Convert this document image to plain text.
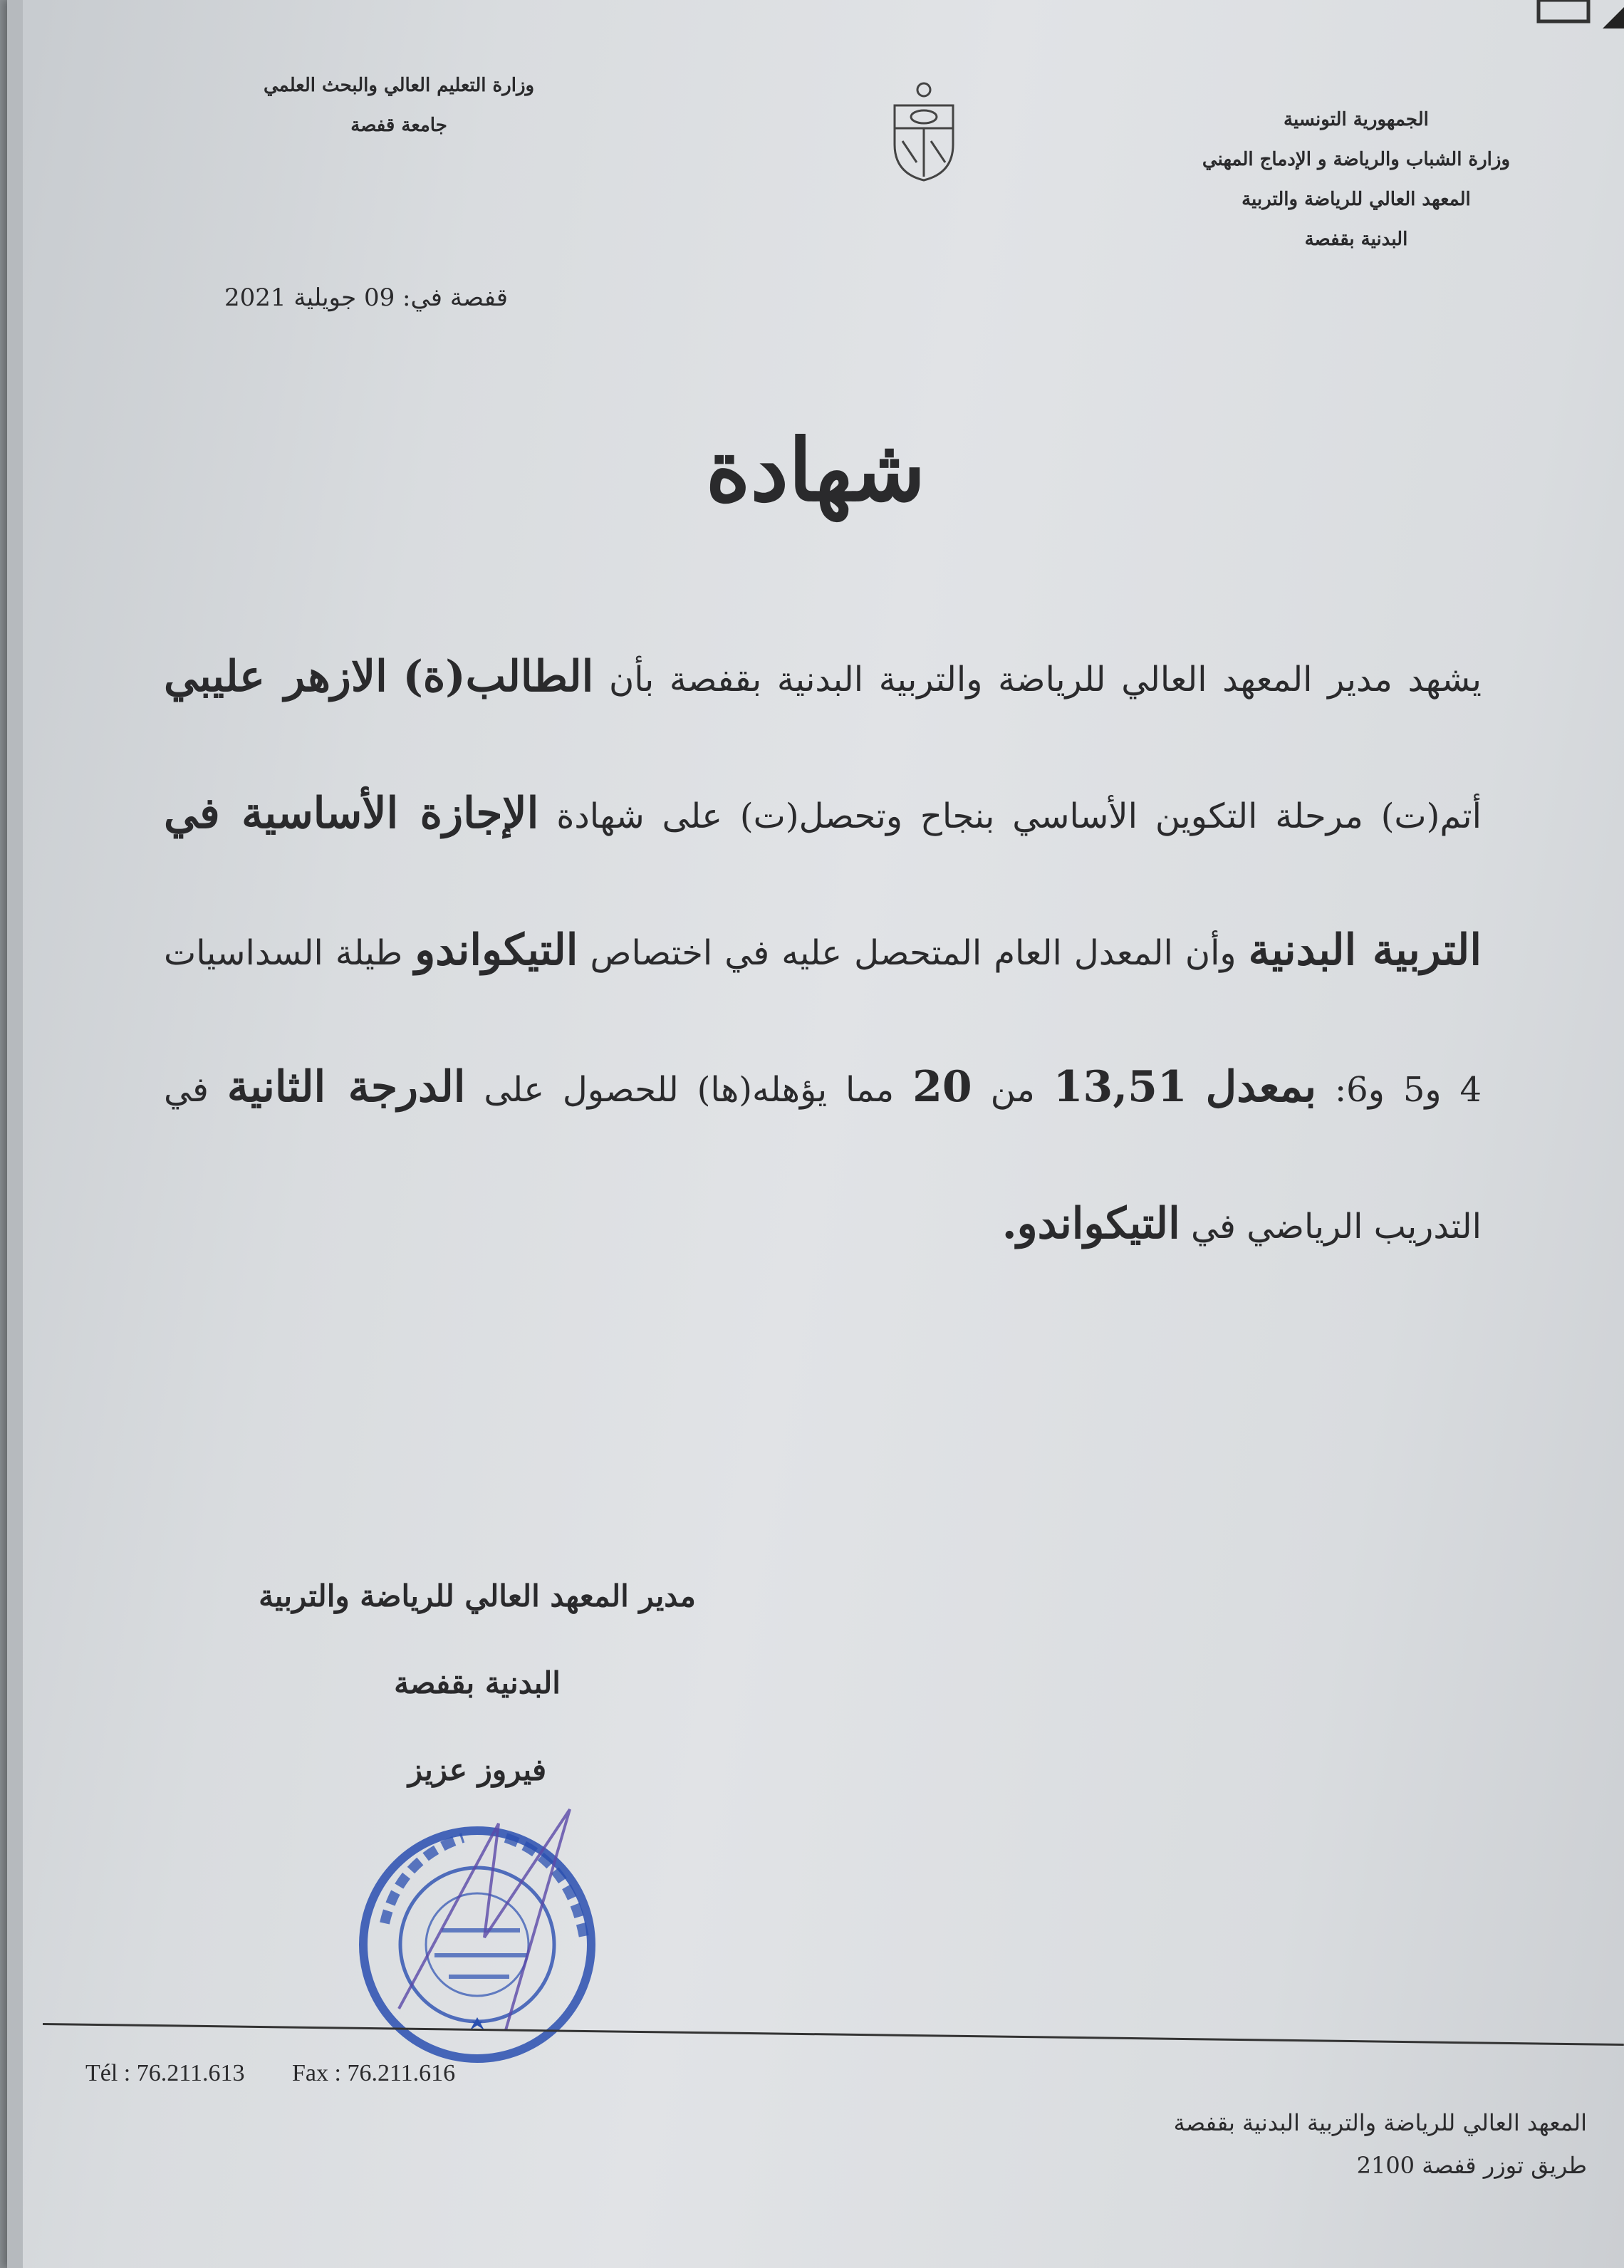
الجمهورية التونسية
وزارة الشباب والرياضة و الإدماج المهني
المعهد العالي للرياضة والتربية
البدنية بقفصة
وزارة التعليم العالي والبحث العلمي
جامعة قفصة
قفصة في: 09 جويلية 2021
شهادة
يشهد مدير المعهد العالي للرياضة والتربية البدنية بقفصة بأن الطالب(ة) الازهر عليبي أتم(ت) مرحلة التكوين الأساسي بنجاح وتحصل(ت) على شهادة الإجازة الأساسية في التربية البدنية وأن المعدل العام المتحصل عليه في اختصاص التيكواندو طيلة السداسيات 4 و5 و6: بمعدل 13,51 من 20 مما يؤهله(ها) للحصول على الدرجة الثانية في التدريب الرياضي في التيكواندو.
مدير المعهد العالي للرياضة والتربية
البدنية بقفصة
فيروز عزيز
Tél : 76.211.613 Fax : 76.211.616
المعهد العالي للرياضة والتربية البدنية بقفصة
طريق توزر قفصة 2100
